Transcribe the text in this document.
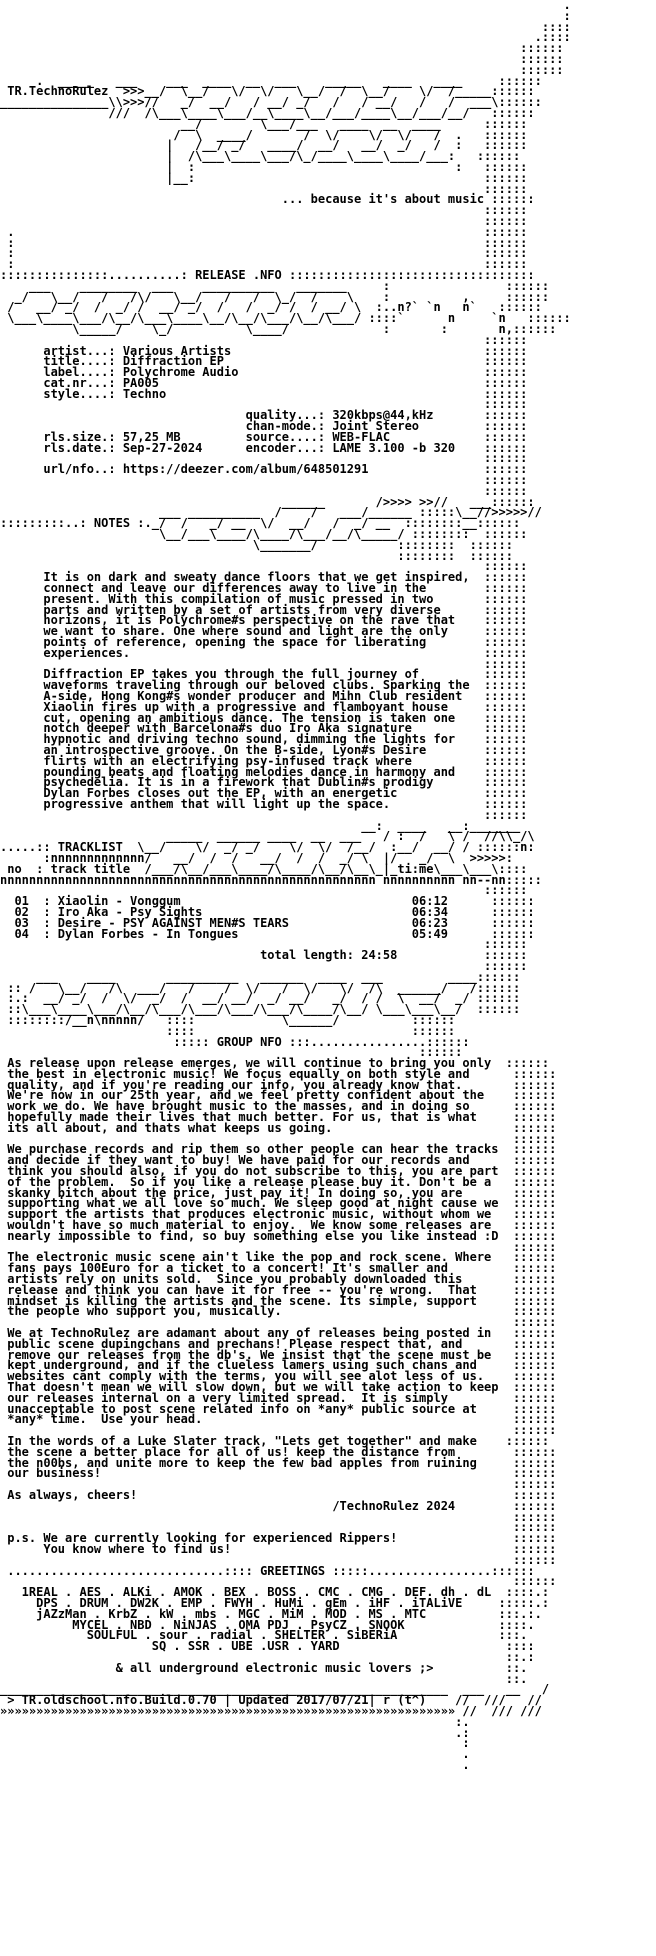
.
:
::::
.::::
::::::
::::::
::::::
.  _____   ___    ___  ____  __  ___    _____   ____   ____     ::::::
TR.TechnoRulez  >>>__/  \__/   \/  \/   \__/  /  \__/    \/  /_____::::::
_______________\\>>>//   _/  __/   / __/ _/   /   / __/   /   /  ___\::::::
///  /\___\____\___/__\____\__/___/____\__/___/__/   ::::::
__/        \___/___   ____  __  ____      ::::::
/  \  ____/       /  \/    \/  \/   /  .   ::::::
|   /__/ _/   ____/  __/   __/  _/   /  :   ::::::
|  /\___\____\___/\_/____\____\____/___:   ::::::
|  :                                    :   ::::::
|__:                                        ::::::
::::::
... because it's about music ::::::
::::::
::::::
.                                                                 ::::::
:                                                                 ::::::
:                                                                 ::::::
:                                                                 ::::::
:::::::::::::::..........: RELEASE .NFO ::::::::::::::::::::::::::::::::::
___    ________  ___    __________   _______     :                ::::::
_/   \__/   /   /\/   \__/   /   /  \_/  /    \    :          ,     ::::::
/   __/ _/  /  _/ /  __/ _/  /   /  _/ /  / __/ \  :..n?` `n   n`   ::::::
\___\____\___/\__/\___\____\__/\__/\___/\__/\___/ ::::`      n     `n   ::::::
\_____/    \_/          \____/             :       :       n,::::::
::::::
artist...: Various Artists                                   ::::::
title....: Diffraction EP                                    ::::::
label....: Polychrome Audio                                  ::::::
cat.nr...: PA005                                             ::::::
style....: Techno                                            ::::::
::::::
quality...: 320kbps@44,kHz       ::::::
chan-mode.: Joint Stereo         ::::::
rls.size.: 57,25 MB         source....: WEB-FLAC             ::::::
rls.date.: Sep-27-2024      encoder...: LAME 3.100 -b 320    ::::::
::::::
url/nfo..: https://deezer.com/album/648501291                ::::::
::::::
::::::
______       />>>> >>//   ___::::::
___ __________  /    /   ___/______ :::::\__//>>>>>//
:::::::::..: NOTES :._/  /   _/ __  \/  __/   /  _/ __  ::::::::__::::::
\__/___\____/\____/\___/__/\_____/ ::::::::  ::::::
\_______/           ::::::::  ::::::
::::::::  ::::::
::::::
It is on dark and sweaty dance floors that we get inspired,  ::::::
connect and leave our differences away to live in the        ::::::
present. With this compilation of music pressed in two       ::::::
parts and written by a set of artists from very diverse      ::::::
horizons, it is Polychrome#s perspective on the rave that    ::::::
we want to share. One where sound and light are the only     ::::::
points of reference, opening the space for liberating        ::::::
experiences.                                                 ::::::
::::::
Diffraction EP takes you through the full journey of         ::::::
waveforms traveling through our beloved clubs. Sparking the  ::::::
A-side, Hong Kong#s wonder producer and Mihn Club resident   ::::::
Xiaolin fires up with a progressive and flamboyant house     ::::::
cut, opening an ambitious dance. The tension is taken one    ::::::
notch deeper with Barcelona#s duo Iro Aka signature          ::::::
hypnotic and driving techno sound, dimming the lights for    ::::::
an introspective groove. On the B-side, Lyon#s Desire        ::::::
flirts with an electrifying psy-infused track where          ::::::
pounding beats and floating melodies dance in harmony and    ::::::
psychedelia. It is in a firework that Dublin#s prodigy       ::::::
Dylan Forbes closes out the EP, with an energetic            ::::::
progressive anthem that will light up the space.             ::::::
::::::
__:  ____   __:_______
_____  ______ ____  __  ___   / :  /   \ /  //\\_/\
.....:: TRACKLIST  \__/    \/  _/ _/    \/  \/  /__/  :__/  __/ / ::::::n:
:nnnnnnnnnnnnn/   __/  /  /   __/  /  /  _/ \  |/   _/  \  >>>>>:
no  : track title  /___/\__/___\____/\____/\__/\__\_|_ti:me\___\___\::::
nnnnnnnnnnnnnnnnnnnnnnnnnnnnnnnnnnnnnnnnnnnnnnnnnnnn nnnnnnnnnn nn--nn:::::
::::::
01  : Xiaolin - Vonggum                                06:12      ::::::
02  : Iro Aka - Psy Sights                             06:34      ::::::
03  : Desire - PSY AGAINST MEN#S TEARS                 06:23      ::::::
04  : Dylan Forbes - In Tongues                        05:49      ::::::
::::::
total length: 24:58            ::::::
::::::
___    ____       __________   ______  ____  ___         ____::::::
:: /   \__/   /\  ___/   /    /  \/   /  \/   \/  /\  ______/   /::::::
:.:  __/ _/  /  \/  _/  /  __/ __/  _/ __/   _/  / /  \  __/  _/ ::::::
::\___\____\___/\__/\___/\___/\___/\___/\____/\__/ \___\___\__/  ::::::
::::::::/__n\nnnnn/   ::::            \______/          ::::::
::::                              ::::::
::::: GROUP NFO :::................::::::
::::::
As release upon release emerges, we will continue to bring you only  ::::::
the best in electronic music! We focus equally on both style and      ::::::
quality, and if you're reading our info, you already know that.       ::::::
We're now in our 25th year, and we feel pretty confident about the    ::::::
work we do. We have brought music to the masses, and in doing so      ::::::
hopefully made their lives that much better. For us, that is what     ::::::
its all about, and thats what keeps us going.                         ::::::
::::::
We purchase records and rip them so other people can hear the tracks  ::::::
and decide if they want to buy! We have paid for our records and      ::::::
think you should also, if you do not subscribe to this, you are part  ::::::
of the problem.  So if you like a release please buy it. Don't be a   ::::::
skanky bitch about the price, just pay it! In doing so, you are       ::::::
supporting what we all love so much. We sleep good at night cause we  ::::::
support the artists that produces electronic music, without whom we   ::::::
wouldn't have so much material to enjoy.  We know some releases are   ::::::
nearly impossible to find, so buy something else you like instead :D  ::::::
::::::
The electronic music scene ain't like the pop and rock scene. Where   ::::::
fans pays 100Euro for a ticket to a concert! It's smaller and         ::::::
artists rely on units sold.  Since you probably downloaded this       ::::::
release and think you can have it for free -- you're wrong.  That     ::::::
mindset is killing the artists and the scene. Its simple, support     ::::::
the people who support you, musically.                                ::::::
::::::
We at TechnoRulez are adamant about any of releases being posted in   ::::::
public scene dupingchans and prechans! Please respect that, and       ::::::
remove our releases from the db's. We insist that the scene must be   ::::::
kept underground, and if the clueless lamers using such chans and     ::::::
websites cant comply with the terms, you will see alot less of us.    ::::::
That doesn't mean we will slow down, but we will take action to keep  ::::::
our releases internal on a very limited spread.  It is simply         ::::::
unacceptable to post scene related info on *any* public source at     ::::::
*any* time.  Use your head.                                           ::::::
::::::
In the words of a Luke Slater track, "Lets get together" and make    ::::::
the scene a better place for all of us! keep the distance from        ::::::
the n00bs, and unite more to keep the few bad apples from ruining     ::::::
our business!                                                         ::::::
::::::
As always, cheers!                                                    ::::::
/TechnoRulez 2024        ::::::
::::::
::::::
p.s. We are currently looking for experienced Rippers!                ::::::
You know where to find us!                                       ::::::
::::::
..............................:::: GREETINGS :::::.................::::::
::::::
1REAL . AES . ALKi . AMOK . BEX . BOSS . CMC . CMG . DEF. dh . dL  ::::.:
DPS . DRUM . DW2K . EMP . FWYH . HuMi . gEm . iHF . iTALiVE     :::::.:
jAZzMan . KrbZ . kW . mbs . MGC . MiM . MOD . MS . MTC          :::.:.
MYCEL . NBD . NiNJAS . OMA PDJ . PsyCZ . SNOOK             ::::.
SOULFUL . sour . radial . SHELTER . SiBERiA              :::.
SQ . SSR . UBE .USR . YARD                       ::::
::.:
& all underground electronic music lovers ;>          ::.
::.
______________________________________________________________  ___   __   /
> TR.oldschool.nfo.Build.0.70 | Updated 2017/07/21| r (t^)    //  ///   //
»»»»»»»»»»»»»»»»»»»»»»»»»»»»»»»»»»»»»»»»»»»»»»»»»»»»»»»»»»»»»»» //  /// ///
:.
.:
:
.
.
